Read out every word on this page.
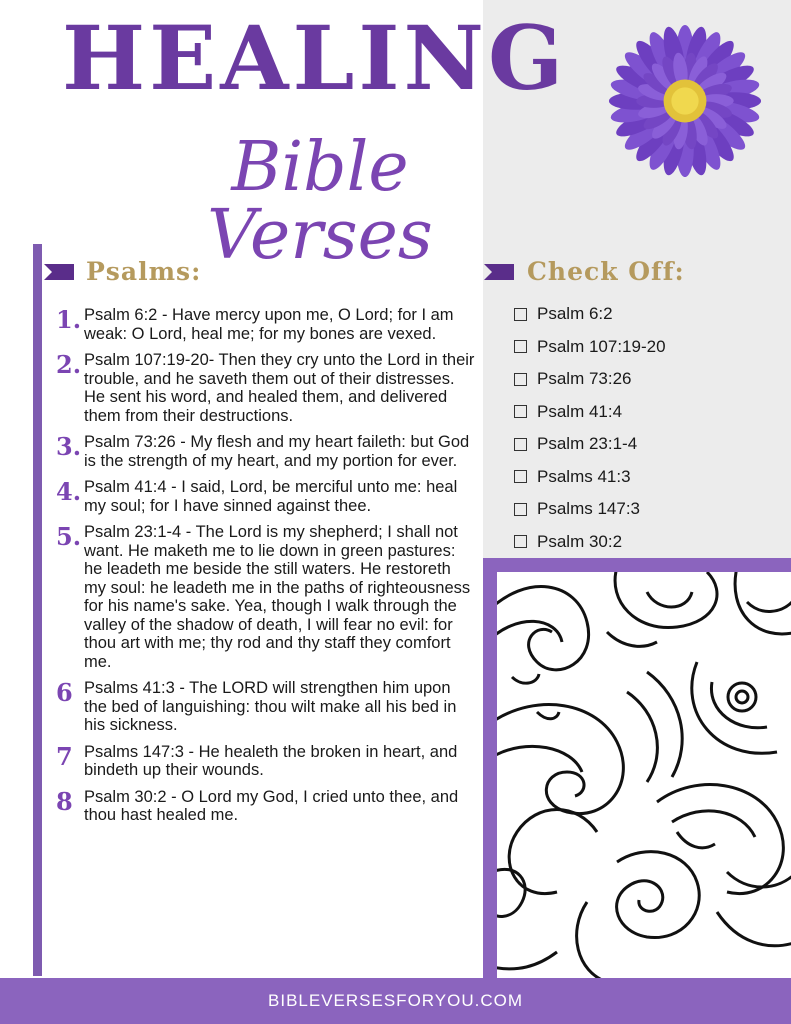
HEALING
Bible Verses
Psalms:	Check Off:
1. Psalm 6:2 - Have mercy upon me, O Lord; for I am weak: O Lord, heal me; for my bones are vexed.
2. Psalm 107:19-20- Then they cry unto the Lord in their trouble, and he saveth them out of their distresses. He sent his word, and healed them, and delivered them from their destructions.
3. Psalm 73:26 - My flesh and my heart faileth: but God is the strength of my heart, and my portion for ever.
4. Psalm 41:4 - I said, Lord, be merciful unto me: heal my soul; for I have sinned against thee.
5. Psalm 23:1-4 - The Lord is my shepherd; I shall not want. He maketh me to lie down in green pastures: he leadeth me beside the still waters. He restoreth my soul: he leadeth me in the paths of righteousness for his name's sake. Yea, though I walk through the valley of the shadow of death, I will fear no evil: for thou art with me; thy rod and thy staff they comfort me.
6 Psalms 41:3 - The LORD will strengthen him upon the bed of languishing: thou wilt make all his bed in his sickness.
7 Psalms 147:3 - He healeth the broken in heart, and bindeth up their wounds.
8 Psalm 30:2 - O Lord my God, I cried unto thee, and thou hast healed me.
Psalm 6:2
Psalm 107:19-20
Psalm 73:26
Psalm 41:4
Psalm 23:1-4
Psalms 41:3
Psalms 147:3
Psalm 30:2
BIBLEVERSESFORYOU.COM
